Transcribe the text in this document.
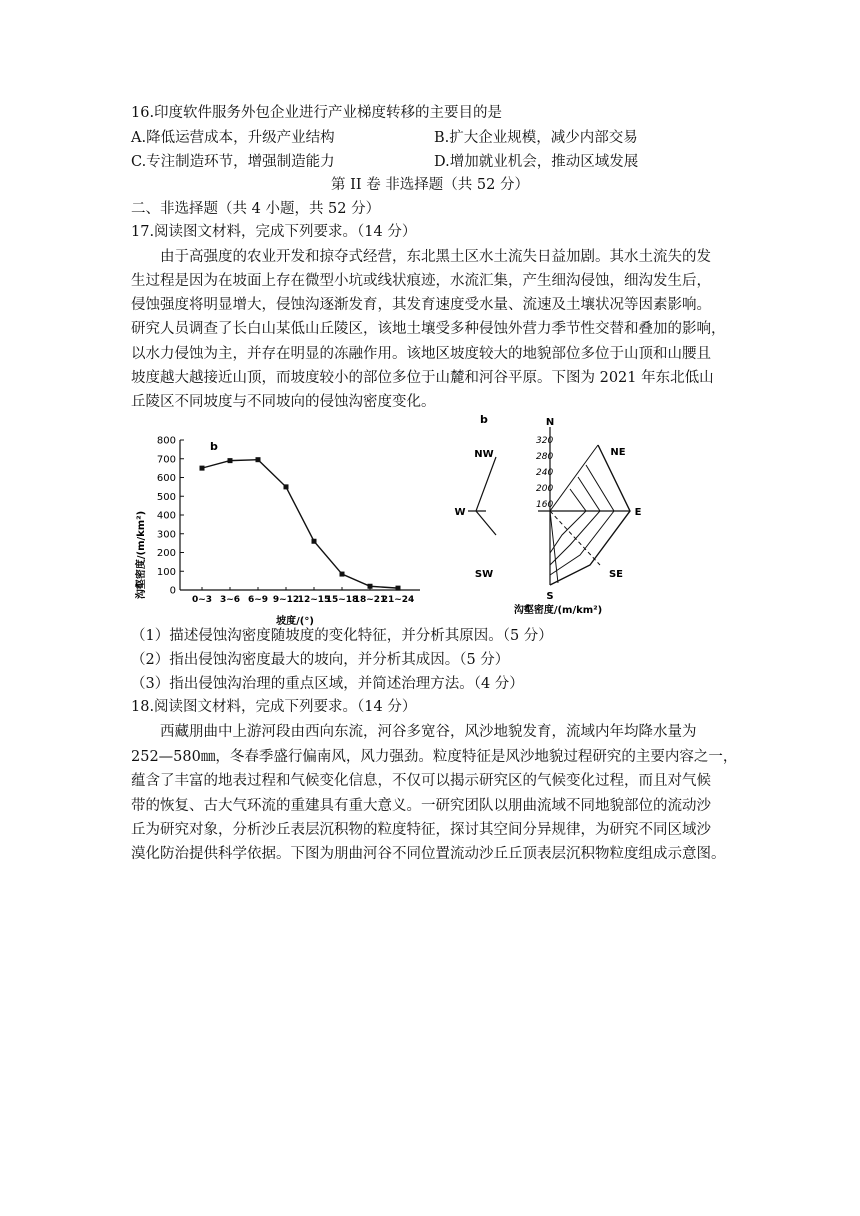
16.印度软件服务外包企业进行产业梯度转移的主要目的是
A.降低运营成本，升级产业结构	B.扩大企业规模，减少内部交易
C.专注制造环节，增强制造能力	D.增加就业机会，推动区域发展
第 II 卷 非选择题（共 52 分）
二、非选择题（共 4 小题，共 52 分）
17.阅读图文材料，完成下列要求。（14 分）
由于高强度的农业开发和掠夺式经营，东北黑土区水土流失日益加剧。其水土流失的发
生过程是因为在坡面上存在微型小坑或线状痕迹，水流汇集，产生细沟侵蚀，细沟发生后，
侵蚀强度将明显增大，侵蚀沟逐渐发育，其发育速度受水量、流速及土壤状况等因素影响。
研究人员调查了长白山某低山丘陵区，该地土壤受多种侵蚀外营力季节性交替和叠加的影响，
以水力侵蚀为主，并存在明显的冻融作用。该地区坡度较大的地貌部位多位于山顶和山腰且
坡度越大越接近山顶，而坡度较小的部位多位于山麓和河谷平原。下图为 2021 年东北低山
丘陵区不同坡度与不同坡向的侵蚀沟密度变化。
0
100
200
300
400
500
600
700
800
0~3 3~6 6~9 9~12
12~15
15~18
18~21
21~24
b
沟壑密度/(m/km²)
坡度/(°)
b
320
280
240
200
160
N
NE
E
SE
S
SW
W
NW
沟壑密度/(m/km²)
（1）描述侵蚀沟密度随坡度的变化特征，并分析其原因。（5 分）
（2）指出侵蚀沟密度最大的坡向，并分析其成因。（5 分）
（3）指出侵蚀沟治理的重点区域，并简述治理方法。（4 分）
18.阅读图文材料，完成下列要求。（14 分）
西藏朋曲中上游河段由西向东流，河谷多宽谷，风沙地貌发育，流域内年均降水量为
252—580㎜，冬春季盛行偏南风，风力强劲。粒度特征是风沙地貌过程研究的主要内容之一，
蕴含了丰富的地表过程和气候变化信息，不仅可以揭示研究区的气候变化过程，而且对气候
带的恢复、古大气环流的重建具有重大意义。一研究团队以朋曲流域不同地貌部位的流动沙
丘为研究对象，分析沙丘表层沉积物的粒度特征，探讨其空间分异规律，为研究不同区域沙
漠化防治提供科学依据。下图为朋曲河谷不同位置流动沙丘丘顶表层沉积物粒度组成示意图。
